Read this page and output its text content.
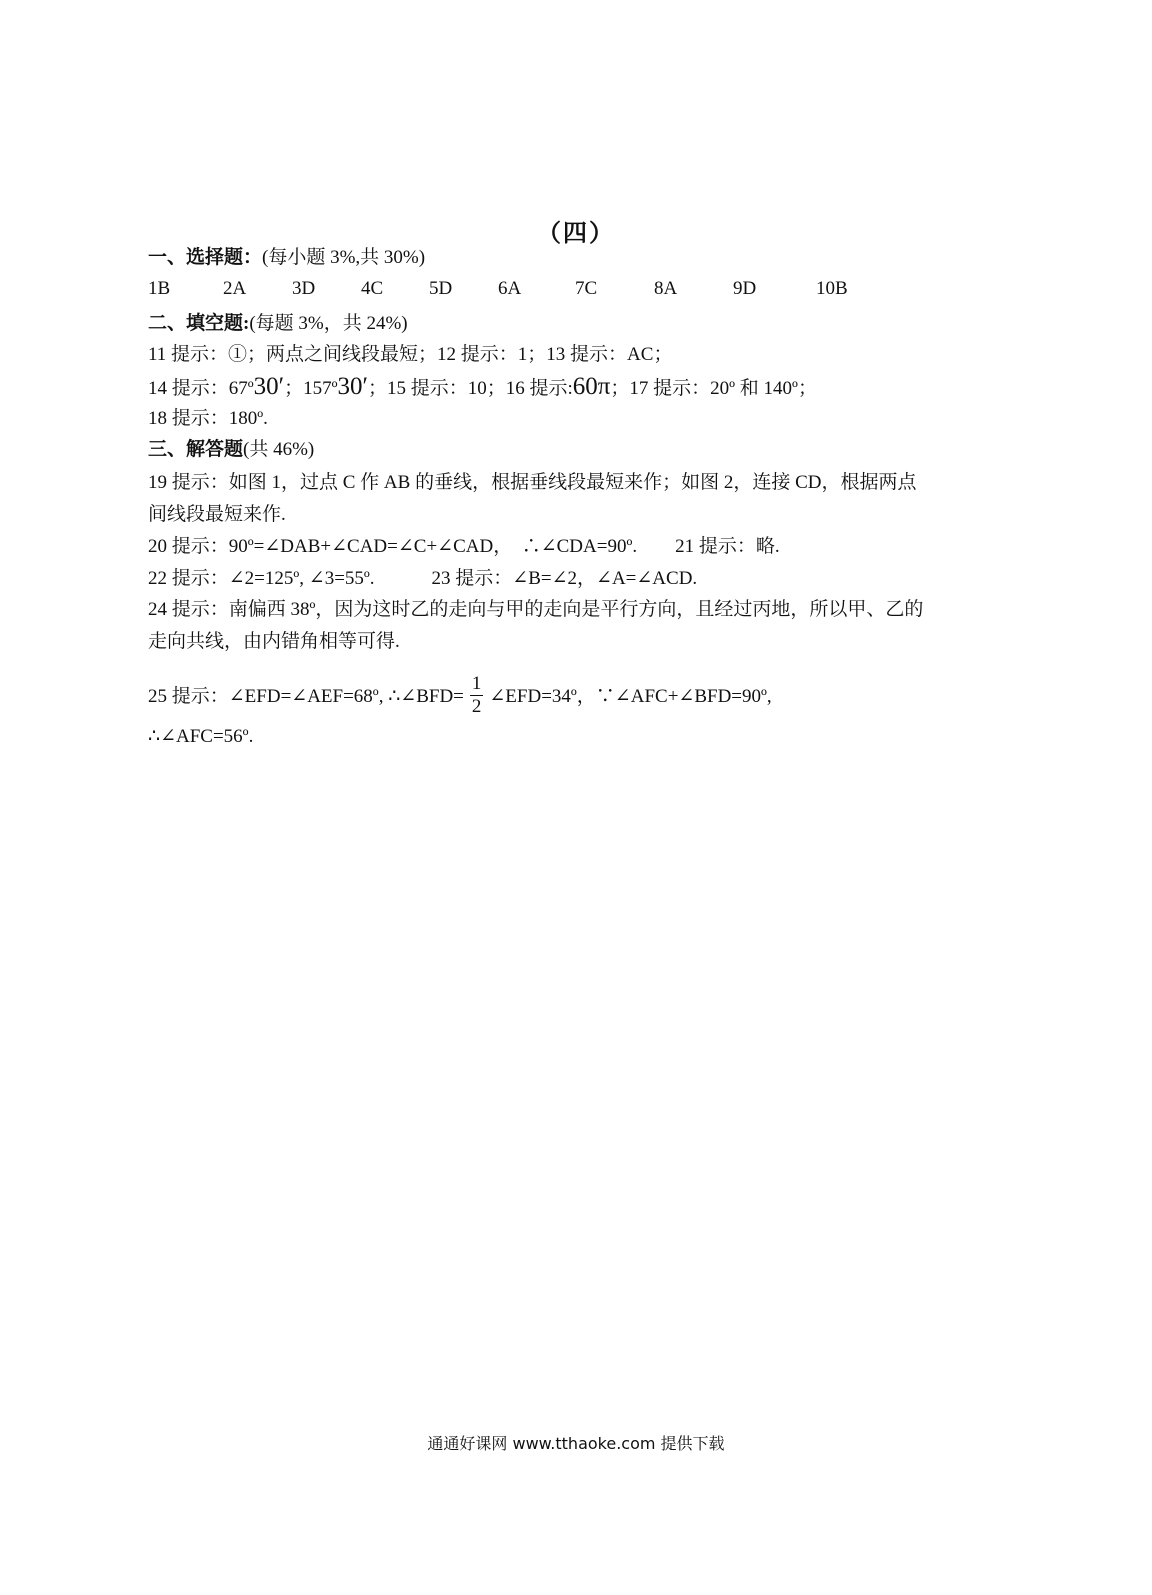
（四）
一、选择题：(每小题 3%,共 30%)
1B	2A 3D 4C 5D 6A	7C	8A	9D	10B
二、填空题:(每题 3%，共 24%)
11 提示：①；两点之间线段最短；12 提示：1；13 提示：AC；
14 提示：67º30′；157º30′；15 提示：10；16 提示:60π；17 提示：20º 和 140º；
18 提示：180º.
三、解答题(共 46%)
19 提示：如图 1，过点 C 作 AB 的垂线，根据垂线段最短来作；如图 2，连接 CD，根据两点
间线段最短来作.
20 提示：90º=∠DAB+∠CAD=∠C+∠CAD，　∴∠CDA=90º.　　21 提示：略.
22 提示：∠2=125º, ∠3=55º.　　　23 提示：∠B=∠2，∠A=∠ACD.
24 提示：南偏西 38º，因为这时乙的走向与甲的走向是平行方向，且经过丙地，所以甲、乙的
走向共线，由内错角相等可得.
25 提示：∠EFD=∠AEF=68º, ∴∠BFD= $\frac{1}{2}$ ∠EFD=34º，∵∠AFC+∠BFD=90º,
∴∠AFC=56º.
通通好课网 www.tthaoke.com 提供下载
